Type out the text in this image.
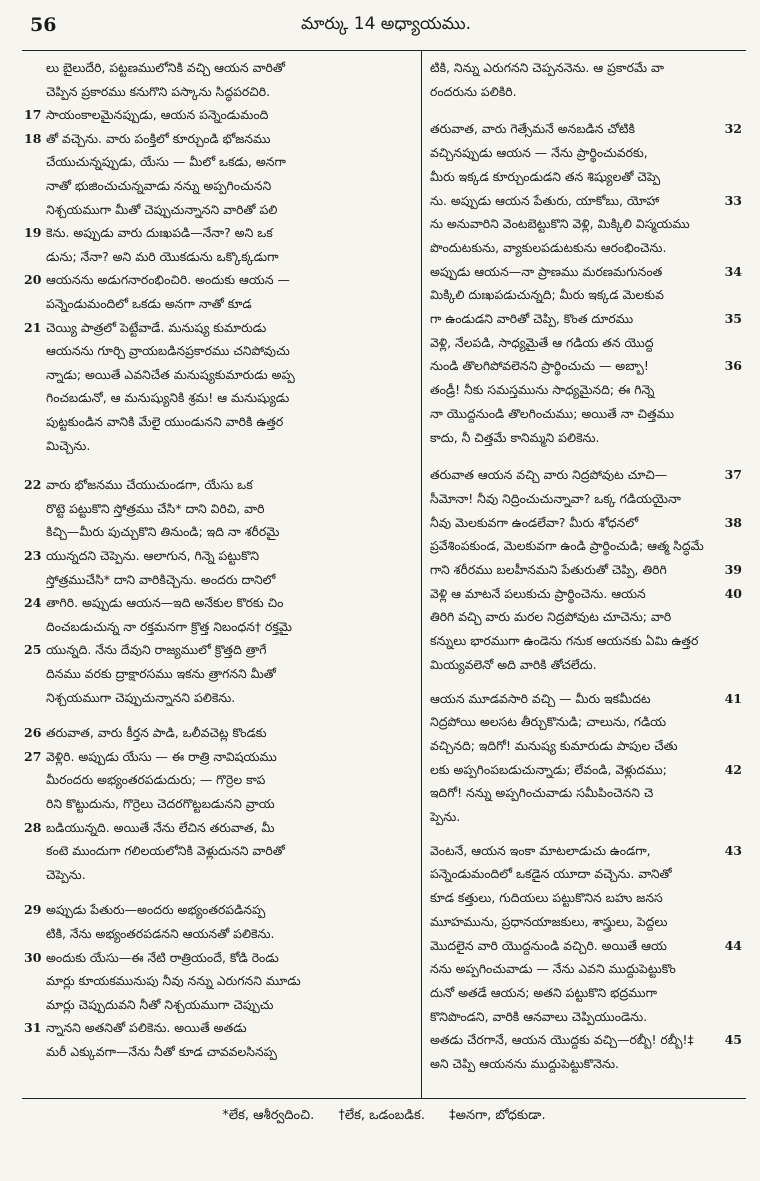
56	మార్కు 14 అధ్యాయము.
లు బైలుదేరి, పట్టణములోనికి వచ్చి ఆయన వారితో
చెప్పిన ప్రకారము కనుగొని పస్కాను సిద్ధపరచిరి.
17 సాయంకాలమైనప్పుడు, ఆయన పన్నెండుమంది
18 తో వచ్చెను. వారు పంక్తిలో కూర్చుండి భోజనము
చేయుచున్నప్పుడు, యేసు — మీలో ఒకడు, అనగా
నాతో భుజించుచున్నవాడు నన్ను అప్పగించునని
నిశ్చయముగా మీతో చెప్పుచున్నానని వారితో పలి
19 కెను. అప్పుడు వారు దుఃఖపడి—నేనా? అని ఒక
డును; నేనా? అని మరి యొకడును ఒక్కొక్కడుగా
20 ఆయనను అడుగనారంభించిరి. అందుకు ఆయన —
పన్నెండుమందిలో ఒకడు అనగా నాతో కూడ
21 చెయ్యి పాత్రలో పెట్టేవాడే. మనుష్య కుమారుడు
ఆయనను గూర్చి వ్రాయబడినప్రకారము చనిపోవుచు
న్నాడు; అయితే ఎవనిచేత మనుష్యకుమారుడు అప్ప
గించబడునో, ఆ మనుష్యునికి శ్రమ! ఆ మనుష్యుడు
పుట్టకుండిన వానికి మేలై యుండునని వారికి ఉత్తర
మిచ్చెను.
22 వారు భోజనము చేయుచుండగా, యేసు ఒక
రొట్టె పట్టుకొని స్తోత్రము చేసి* దాని విరిచి, వారి
కిచ్చి—మీరు పుచ్చుకొని తినుండి; ఇది నా శరీరమై
23 యున్నదని చెప్పెను. ఆలాగున, గిన్నె పట్టుకొని
స్తోత్రముచేసి* దాని వారికిచ్చెను. అందరు దానిలో
24 తాగిరి. అప్పుడు ఆయన—ఇది అనేకుల కొరకు చిం
దించబడుచున్న నా రక్తమనగా క్రొత్త నిబంధన† రక్తమై
25 యున్నది. నేను దేవుని రాజ్యములో క్రొత్తది త్రాగే
దినము వరకు ద్రాక్షారసము ఇకను త్రాగనని మీతో
నిశ్చయముగా చెప్పుచున్నానని పలికెను.
26 తరువాత, వారు కీర్తన పాడి, ఒలీవచెట్ల కొండకు
27 వెళ్లిరి. అప్పుడు యేసు — ఈ రాత్రి నావిషయము
మీరందరు అభ్యంతరపడుదురు; — గొర్రెల కాప
రిని కొట్టుదును, గొర్రెలు చెదరగొట్టబడునని వ్రాయ
28 బడియున్నది. అయితే నేను లేచిన తరువాత, మీ
కంటె ముందుగా గలిలయలోనికి వెళ్లుదునని వారితో
చెప్పెను.
29 అప్పుడు పేతురు—అందరు అభ్యంతరపడినప్ప
టికి, నేను అభ్యంతరపడనని ఆయనతో పలికెను.
30 అందుకు యేసు—ఈ నేటి రాత్రియందే, కోడి రెండు
మార్లు కూయకమునుపు నీవు నన్ను ఎరుగనని మూడు
మార్లు చెప్పుదువని నీతో నిశ్చయముగా చెప్పుచు
31 న్నానని అతనితో పలికెను. అయితే అతడు
మరీ ఎక్కువగా—నేను నీతో కూడ చావవలసినప్ప
టికి, నిన్ను ఎరుగనని చెప్పననెను. ఆ ప్రకారమే వా
రందరును పలికిరి.
తరువాత, వారు గెత్సేమనే అనబడిన చోటికి	32
వచ్చినప్పుడు ఆయన — నేను ప్రార్థించువరకు,
మీరు ఇక్కడ కూర్చుండుడని తన శిష్యులతో చెప్పె
ను. అప్పుడు ఆయన పేతురు, యాకోబు, యోహా	33
ను అనువారిని వెంటబెట్టుకొని వెళ్లి, మిక్కిలి విస్మయము
పొందుటకును, వ్యాకులపడుటకును ఆరంభించెను.
అప్పుడు ఆయన—నా ప్రాణము మరణమగునంత	34
మిక్కిలి దుఃఖపడుచున్నది; మీరు ఇక్కడ మెలకువ
గా ఉండుడని వారితో చెప్పి, కొంత దూరము	35
వెళ్లి, నేలపడి, సాధ్యమైతే ఆ గడియ తన యొద్ద
నుండి తొలగిపోవలెనని ప్రార్థించుచు — అబ్బా!	36
తండ్రీ! నీకు సమస్తమును సాధ్యమైనది; ఈ గిన్నె
నా యొద్దనుండి తొలగించుము; అయితే నా చిత్తము
కాదు, నీ చిత్తమే కానిమ్మని పలికెను.
తరువాత ఆయన వచ్చి వారు నిద్రపోవుట చూచి—	37
సీమోనా! నీవు నిద్రించుచున్నావా? ఒక్క గడియయైనా
నీవు మెలకువగా ఉండలేవా? మీరు శోధనలో	38
ప్రవేశింపకుండ, మెలకువగా ఉండి ప్రార్థించుడి; ఆత్మ సిద్ధమే
గాని శరీరము బలహీనమని పేతురుతో చెప్పి, తిరిగి	39
వెళ్లి ఆ మాటనే పలుకుచు ప్రార్థించెను. ఆయన	40
తిరిగి వచ్చి వారు మరల నిద్రపోవుట చూచెను; వారి
కన్నులు భారముగా ఉండెను గనుక ఆయనకు ఏమి ఉత్తర
మియ్యవలెనో అది వారికి తోచలేదు.
ఆయన మూడవసారి వచ్చి — మీరు ఇకమీదట	41
నిద్రపోయి అలసట తీర్చుకొనుడి; చాలును, గడియ
వచ్చినది; ఇదిగో! మనుష్య కుమారుడు పాపుల చేతు
లకు అప్పగింపబడుచున్నాడు; లేవండి, వెళ్లుదము;	42
ఇదిగో! నన్ను అప్పగించువాడు సమీపించెనని చె
ప్పెను.
వెంటనే, ఆయన ఇంకా మాటలాడుచు ఉండగా,	43
పన్నెండుమందిలో ఒకడైన యూదా వచ్చెను. వానితో
కూడ కత్తులు, గుదియలు పట్టుకొనిన బహు జనస
మూహమును, ప్రధానయాజకులు, శాస్త్రులు, పెద్దలు
మొదలైన వారి యొద్దనుండి వచ్చిరి. అయితే ఆయ	44
నను అప్పగించువాడు — నేను ఎవని ముద్దుపెట్టుకొం
దునో అతడే ఆయన; అతని పట్టుకొని భద్రముగా
కొనిపొండని, వారికి ఆనవాలు చెప్పియుండెను.
అతడు చేరగానే, ఆయన యొద్దకు వచ్చి—రబ్బీ! రబ్బీ!‡ 45
అని చెప్పి ఆయనను ముద్దుపెట్టుకొనెను.
*లేక, ఆశీర్వదించి. †లేక, ఒడంబడిక. ‡అనగా, బోధకుడా.
